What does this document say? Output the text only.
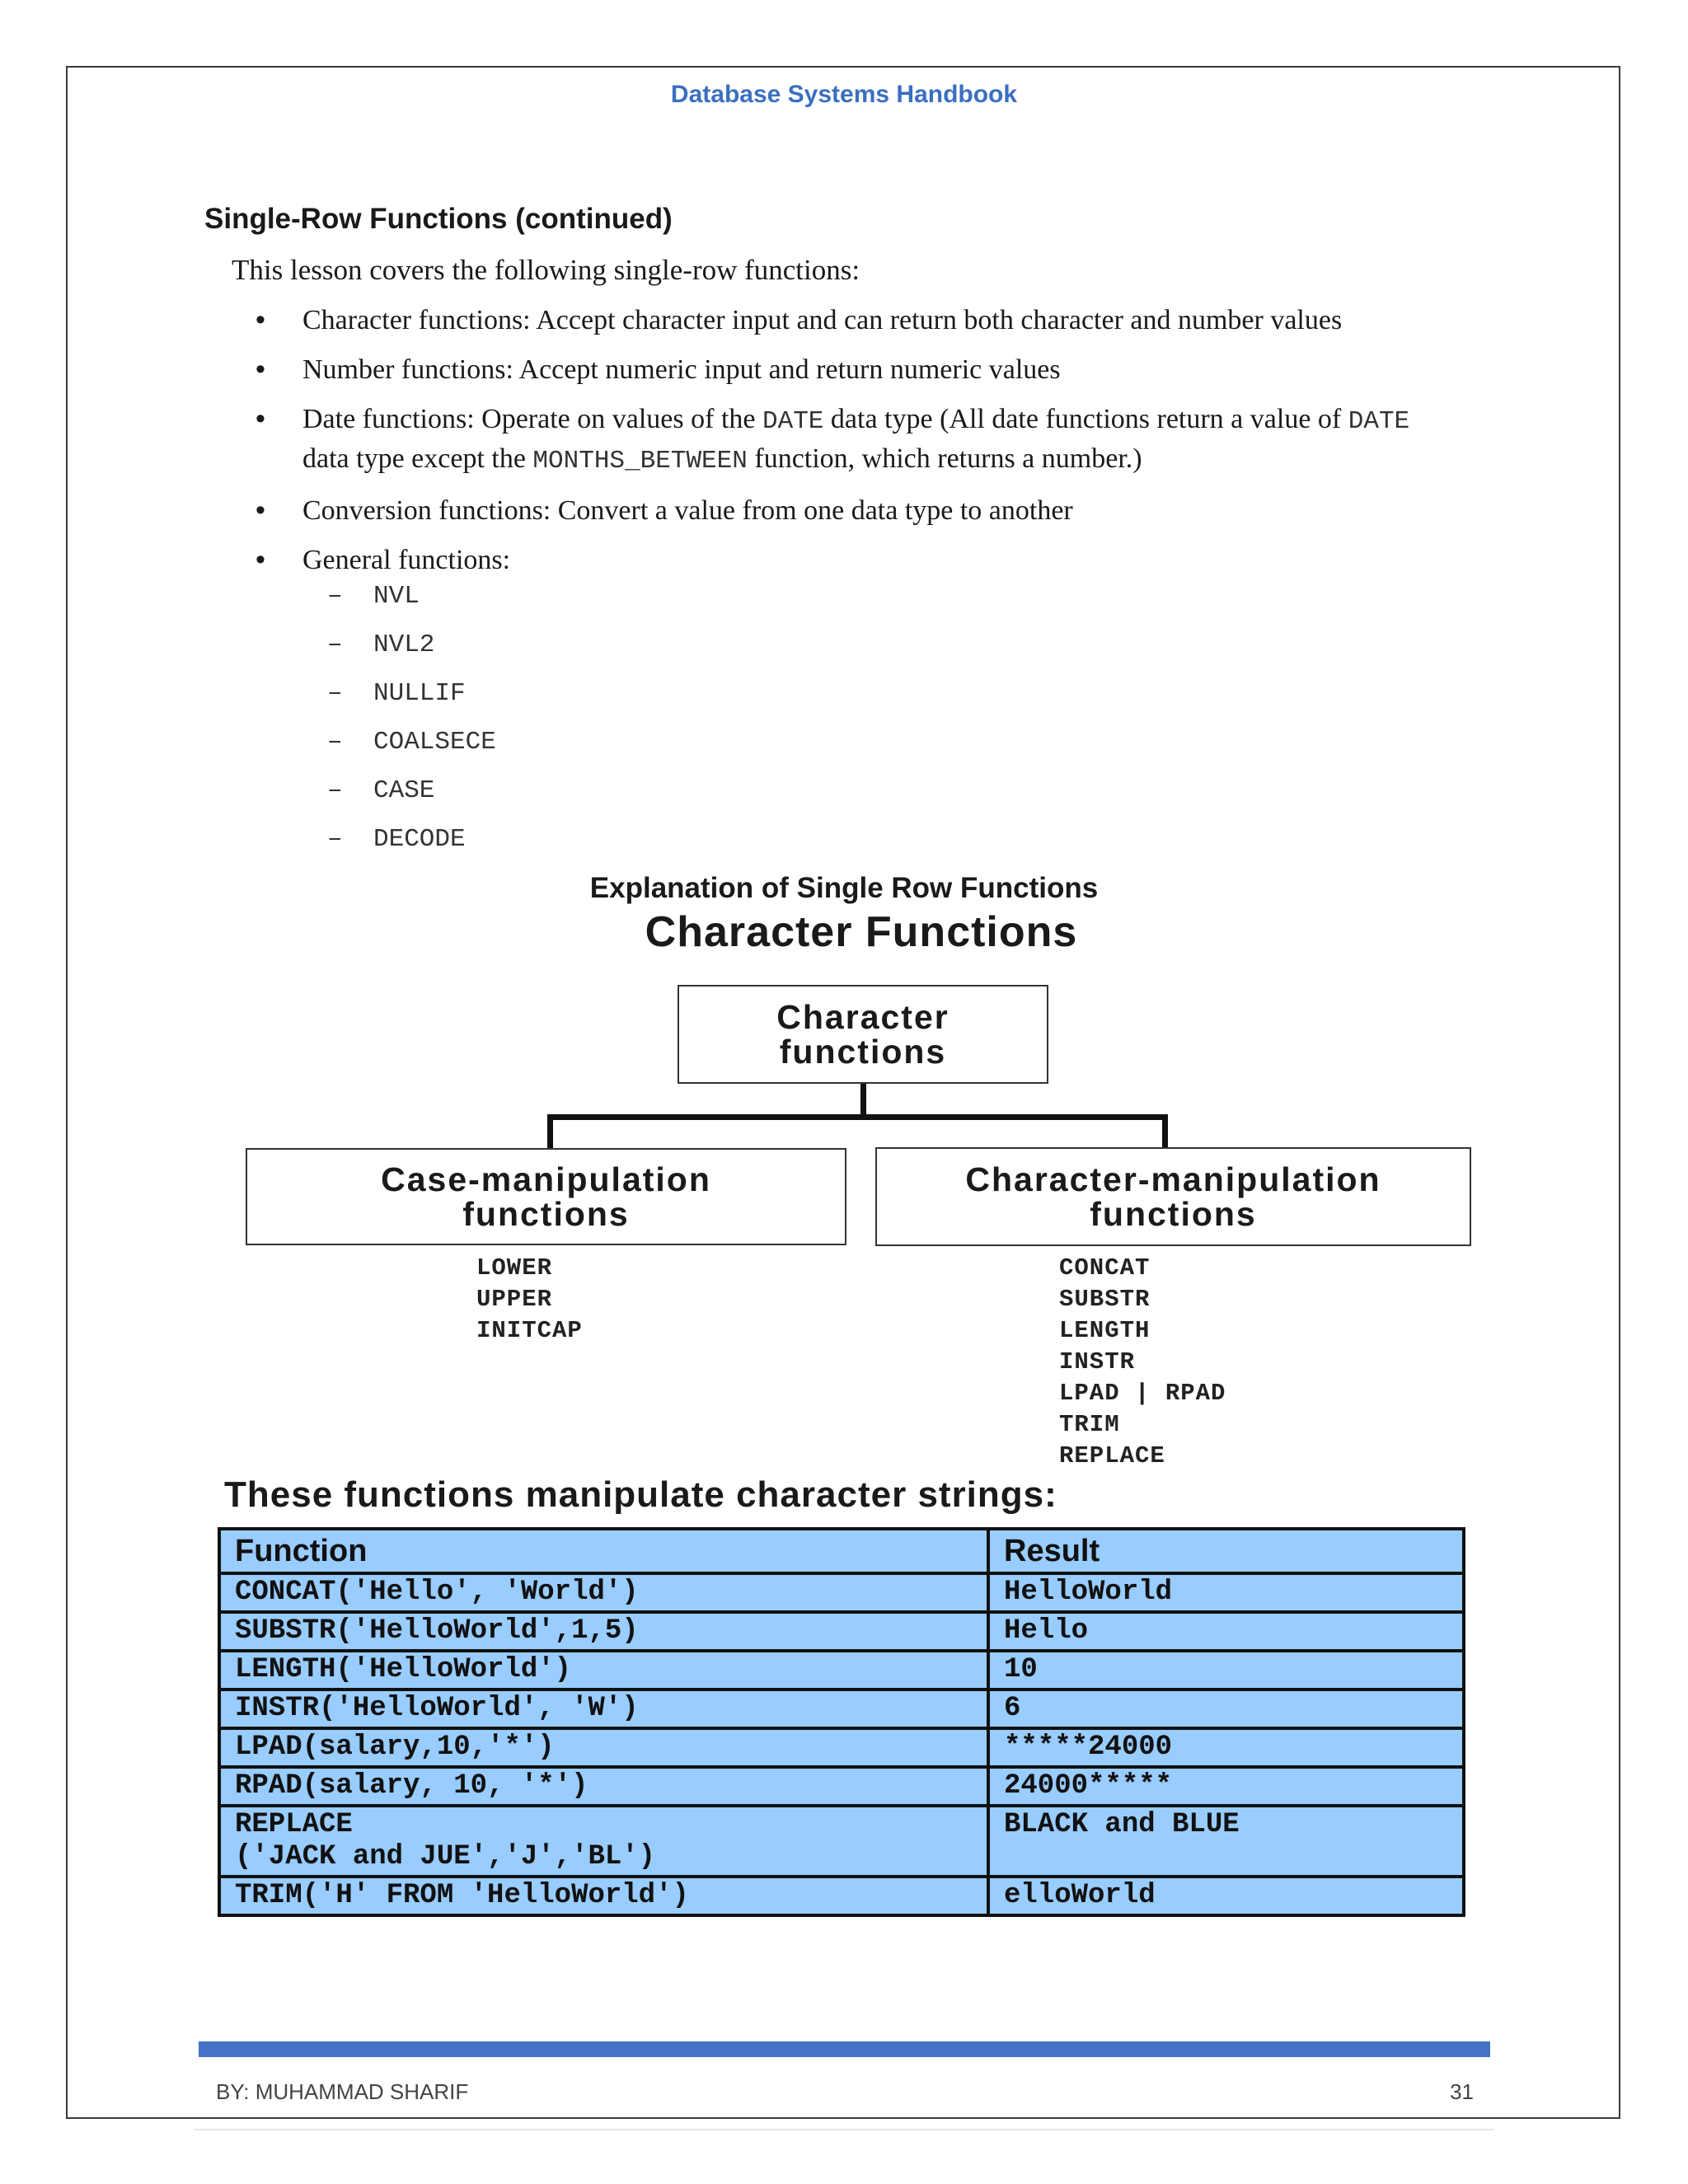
Database Systems Handbook
Single-Row Functions (continued)
This lesson covers the following single-row functions:
• Character functions: Accept character input and can return both character and number values
• Number functions: Accept numeric input and return numeric values
• Date functions: Operate on values of the DATE data type (All date functions return a value of DATE
data type except the MONTHS_BETWEEN function, which returns a number.)
• Conversion functions: Convert a value from one data type to another
• General functions:
– NVL
– NVL2
– NULLIF
– COALSECE
– CASE
– DECODE
Explanation of Single Row Functions
Character Functions
Character
functions
Case-manipulation
functions
Character-manipulation
functions
LOWER
UPPER
INITCAP
CONCAT
SUBSTR
LENGTH
INSTR
LPAD | RPAD
TRIM
REPLACE
These functions manipulate character strings:
Function	Result
CONCAT('Hello', 'World')	HelloWorld
SUBSTR('HelloWorld',1,5)	Hello
LENGTH('HelloWorld')	10
INSTR('HelloWorld', 'W')	6
LPAD(salary,10,'*')	*****24000
RPAD(salary, 10, '*')	24000*****
REPLACE
('JACK and JUE','J','BL')	BLACK and BLUE
TRIM('H' FROM 'HelloWorld')	elloWorld
BY: MUHAMMAD SHARIF	31
